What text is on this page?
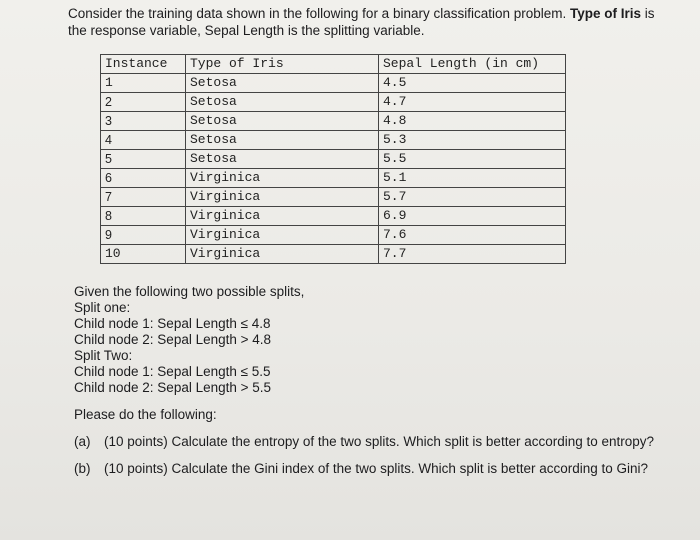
Consider the training data shown in the following for a binary classification problem. Type of Iris is the response variable, Sepal Length is the splitting variable.
Instance	Type of Iris	Sepal Length (in cm)
1	Setosa	4.5
2	Setosa	4.7
3	Setosa	4.8
4	Setosa	5.3
5	Setosa	5.5
6	Virginica	5.1
7	Virginica	5.7
8	Virginica	6.9
9	Virginica	7.6
10	Virginica	7.7

Given the following two possible splits,

Split one:

Child node 1: Sepal Length ≤ 4.8

Child node 2: Sepal Length > 4.8

Split Two:

Child node 1: Sepal Length ≤ 5.5

Child node 2: Sepal Length > 5.5

Please do the following:

(a)	(10 points) Calculate the entropy of the two splits. Which split is better according to entropy?
(b)	(10 points) Calculate the Gini index of the two splits. Which split is better according to Gini?
